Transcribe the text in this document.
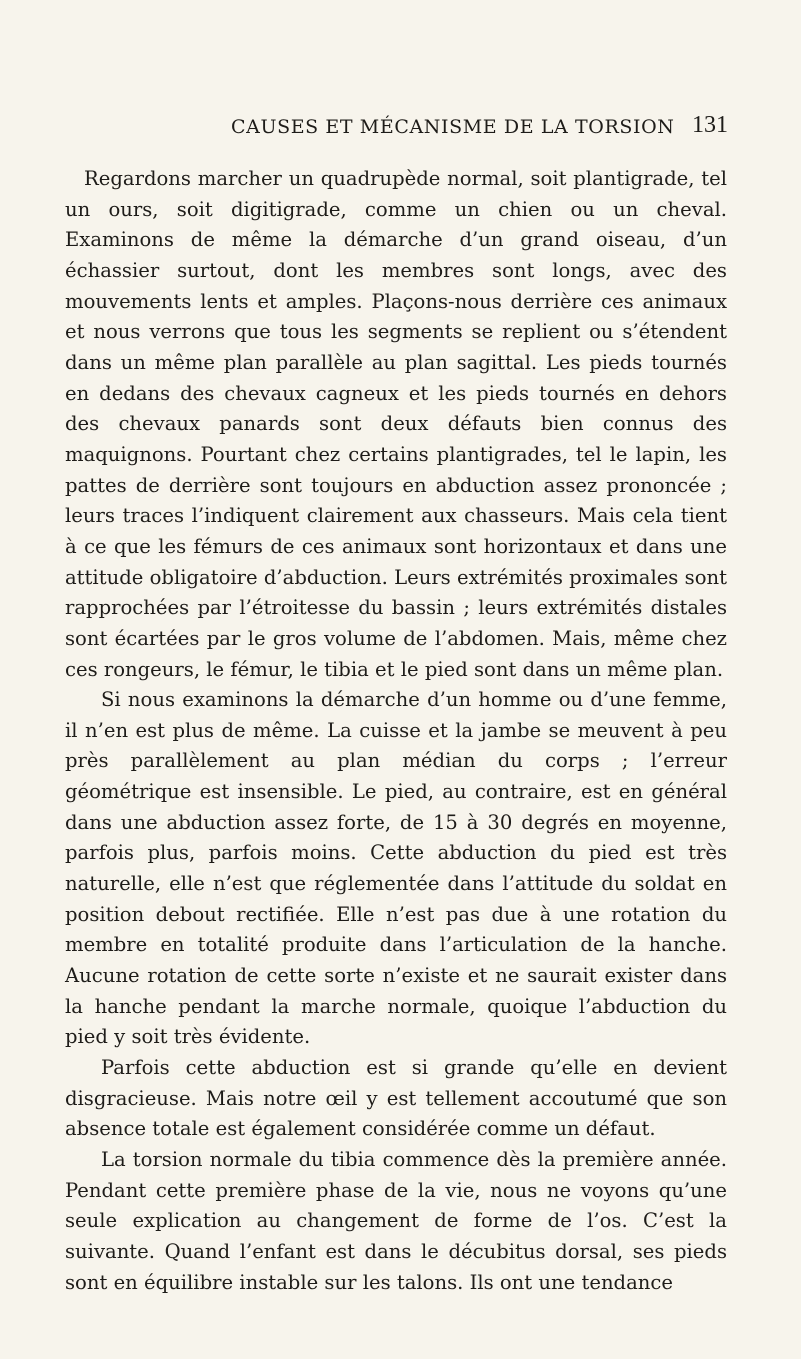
CAUSES ET MÉCANISME DE LA TORSION 131

Regardons marcher un quadrupède normal, soit plantigrade, tel un ours, soit digitigrade, comme un chien ou un cheval. Examinons de même la démarche d’un grand oiseau, d’un échassier surtout, dont les membres sont longs, avec des mouvements lents et amples. Plaçons-nous derrière ces animaux et nous verrons que tous les segments se replient ou s’étendent dans un même plan parallèle au plan sagittal. Les pieds tournés en dedans des chevaux cagneux et les pieds tournés en dehors des chevaux panards sont deux défauts bien connus des maquignons. Pourtant chez certains plantigrades, tel le lapin, les pattes de derrière sont toujours en abduction assez prononcée ; leurs traces l’indiquent clairement aux chasseurs. Mais cela tient à ce que les fémurs de ces animaux sont horizontaux et dans une attitude obligatoire d’abduction. Leurs extrémités proximales sont rapprochées par l’étroitesse du bassin ; leurs extrémités distales sont écartées par le gros volume de l’abdomen. Mais, même chez ces rongeurs, le fémur, le tibia et le pied sont dans un même plan.

Si nous examinons la démarche d’un homme ou d’une femme, il n’en est plus de même. La cuisse et la jambe se meuvent à peu près parallèlement au plan médian du corps ; l’erreur géométrique est insensible. Le pied, au contraire, est en général dans une abduction assez forte, de 15 à 30 degrés en moyenne, parfois plus, parfois moins. Cette abduction du pied est très naturelle, elle n’est que réglementée dans l’attitude du soldat en position debout rectifiée. Elle n’est pas due à une rotation du membre en totalité produite dans l’articulation de la hanche. Aucune rotation de cette sorte n’existe et ne saurait exister dans la hanche pendant la marche normale, quoique l’abduction du pied y soit très évidente.

Parfois cette abduction est si grande qu’elle en devient disgracieuse. Mais notre œil y est tellement accoutumé que son absence totale est également considérée comme un défaut.

La torsion normale du tibia commence dès la première année. Pendant cette première phase de la vie, nous ne voyons qu’une seule explication au changement de forme de l’os. C’est la suivante. Quand l’enfant est dans le décubitus dorsal, ses pieds sont en équilibre instable sur les talons. Ils ont une tendance
